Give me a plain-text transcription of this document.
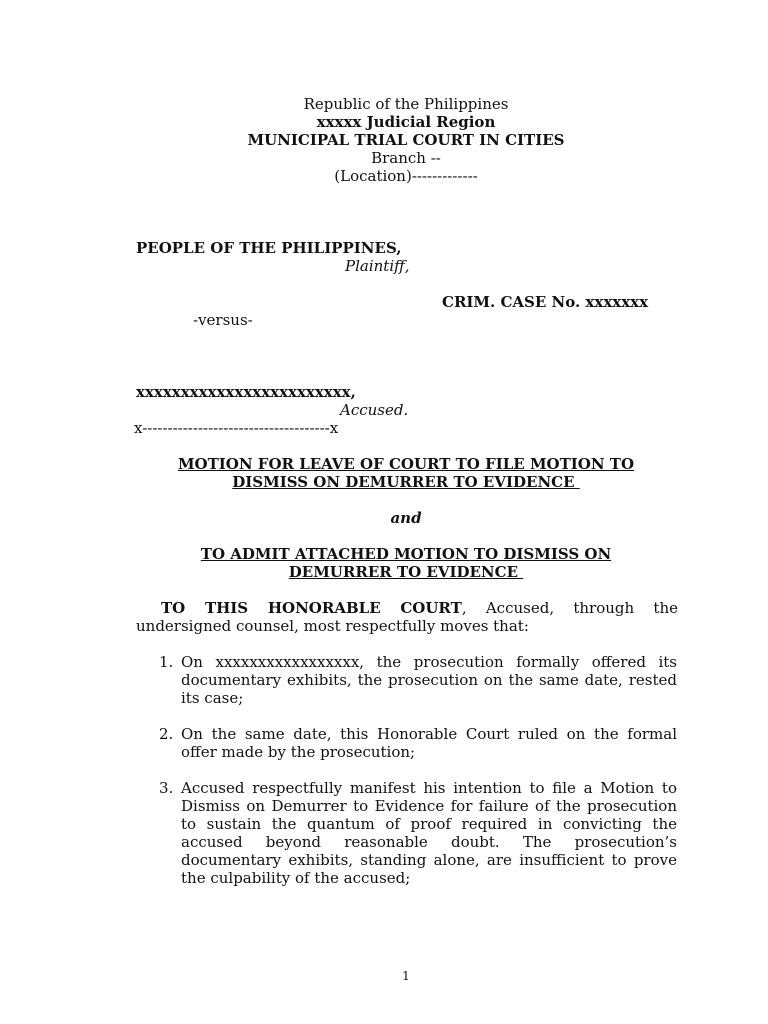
Republic of the Philippines
xxxxx Judicial Region
MUNICIPAL TRIAL COURT IN CITIES
Branch --
(Location)-------------
PEOPLE OF THE PHILIPPINES,
Plaintiff,
CRIM. CASE No. xxxxxxx
-versus-
xxxxxxxxxxxxxxxxxxxxxxxx,
Accused.
x-------------------------------------x
MOTION FOR LEAVE OF COURT TO FILE MOTION TO
DISMISS ON DEMURRER TO EVIDENCE
and
TO ADMIT ATTACHED MOTION TO DISMISS ON
DEMURRER TO EVIDENCE
TO THIS HONORABLE COURT, Accused, through the undersigned counsel, most respectfully moves that:
1. On xxxxxxxxxxxxxxxxx, the prosecution formally offered its documentary exhibits, the prosecution on the same date, rested its case;
2. On the same date, this Honorable Court ruled on the formal offer made by the prosecution;
3. Accused respectfully manifest his intention to file a Motion to Dismiss on Demurrer to Evidence for failure of the prosecution to sustain the quantum of proof required in convicting the accused beyond reasonable doubt. The prosecution’s documentary exhibits, standing alone, are insufficient to prove the culpability of the accused;
1
